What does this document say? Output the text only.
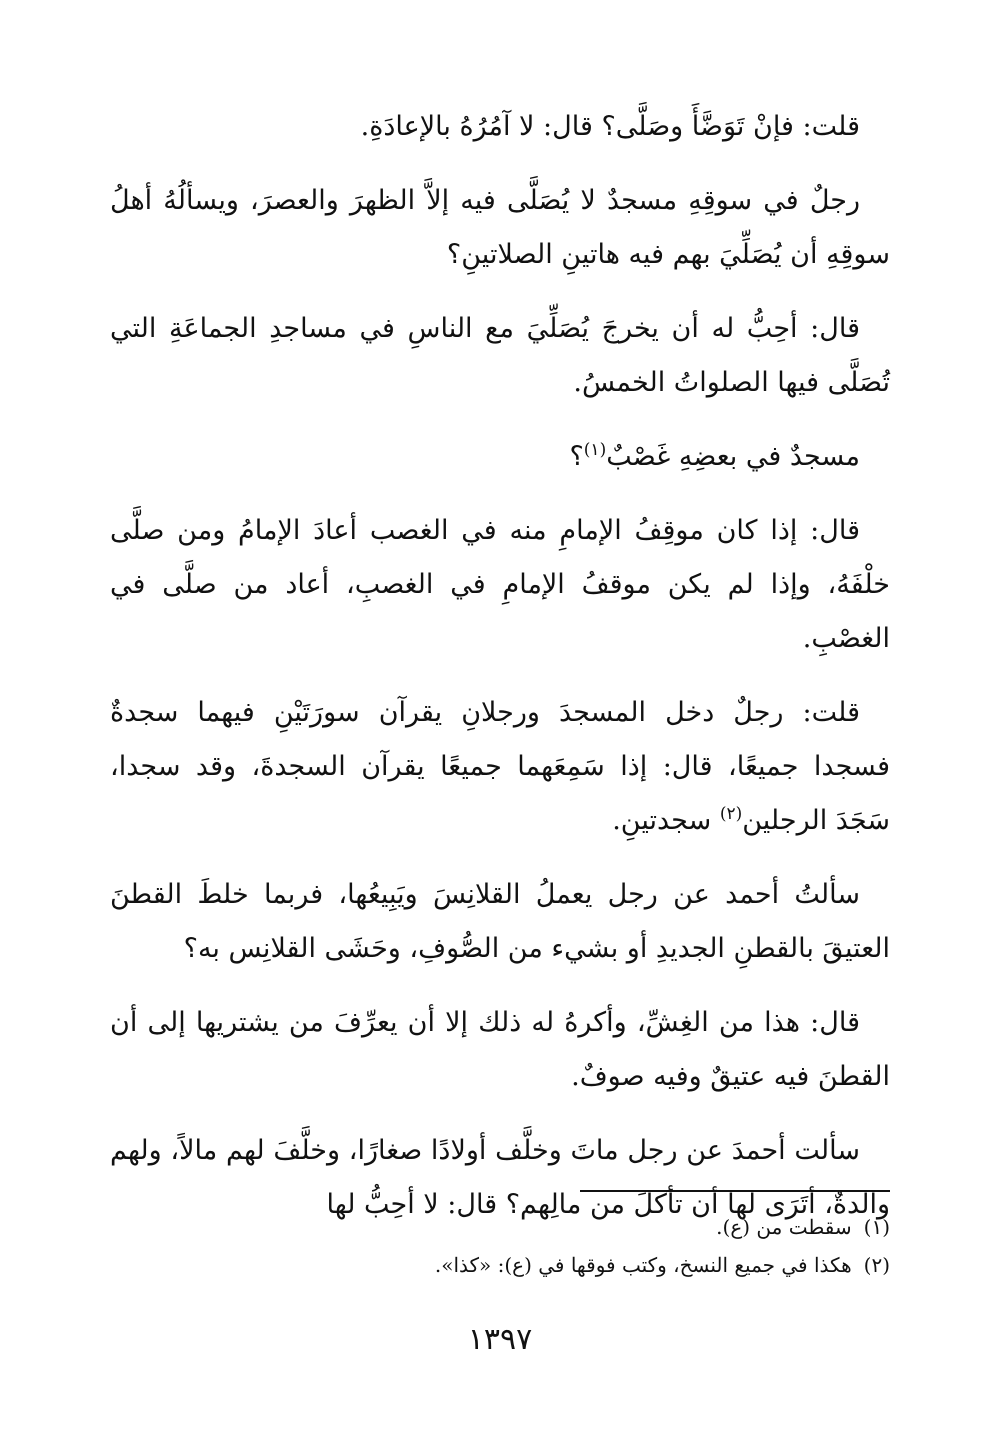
قلت: فإنْ تَوَضَّأَ وصَلَّى؟ قال: لا آمُرُهُ بالإعادَةِ.

رجلٌ في سوقِهِ مسجدٌ لا يُصَلَّى فيه إلاَّ الظهرَ والعصرَ، ويسألُهُ أهلُ سوقِهِ أن يُصَلِّيَ بهم فيه هاتينِ الصلاتينِ؟

قال: أحِبُّ له أن يخرجَ يُصَلِّيَ مع الناسِ في مساجدِ الجماعَةِ التي تُصَلَّى فيها الصلواتُ الخمسُ.

مسجدٌ في بعضِهِ غَصْبٌ$^{(١)}$؟

قال: إذا كان موقِفُ الإمامِ منه في الغصب أعادَ الإمامُ ومن صلَّى خلْفَهُ، وإذا لم يكن موقفُ الإمامِ في الغصبِ، أعاد من صلَّى في الغصْبِ.

قلت: رجلٌ دخل المسجدَ ورجلانِ يقرآن سورَتَيْنِ فيهما سجدةٌ فسجدا جميعًا، قال: إذا سَمِعَهما جميعًا يقرآن السجدةَ، وقد سجدا، سَجَدَ الرجلين$^{(٢)}$ سجدتينِ.

سألتُ أحمد عن رجل يعملُ القلانِسَ ويَبِيعُها، فربما خلطَ القطنَ العتيقَ بالقطنِ الجديدِ أو بشيء من الصُّوفِ، وحَشَى القلانِس به؟

قال: هذا من الغِشِّ، وأكرهُ له ذلك إلا أن يعرِّفَ من يشتريها إلى أن القطنَ فيه عتيقٌ وفيه صوفٌ.

سألت أحمدَ عن رجل ماتَ وخلَّف أولادًا صغارًا، وخلَّفَ لهم مالاً، ولهم والدةٌ، أتَرَى لها أن تأكلَ من مالِهم؟ قال: لا أحِبُّ لها

(١)سقطت من (ع).

(٢)هكذا في جميع النسخ، وكتب فوقها في (ع): «كذا».

١٣٩٧
